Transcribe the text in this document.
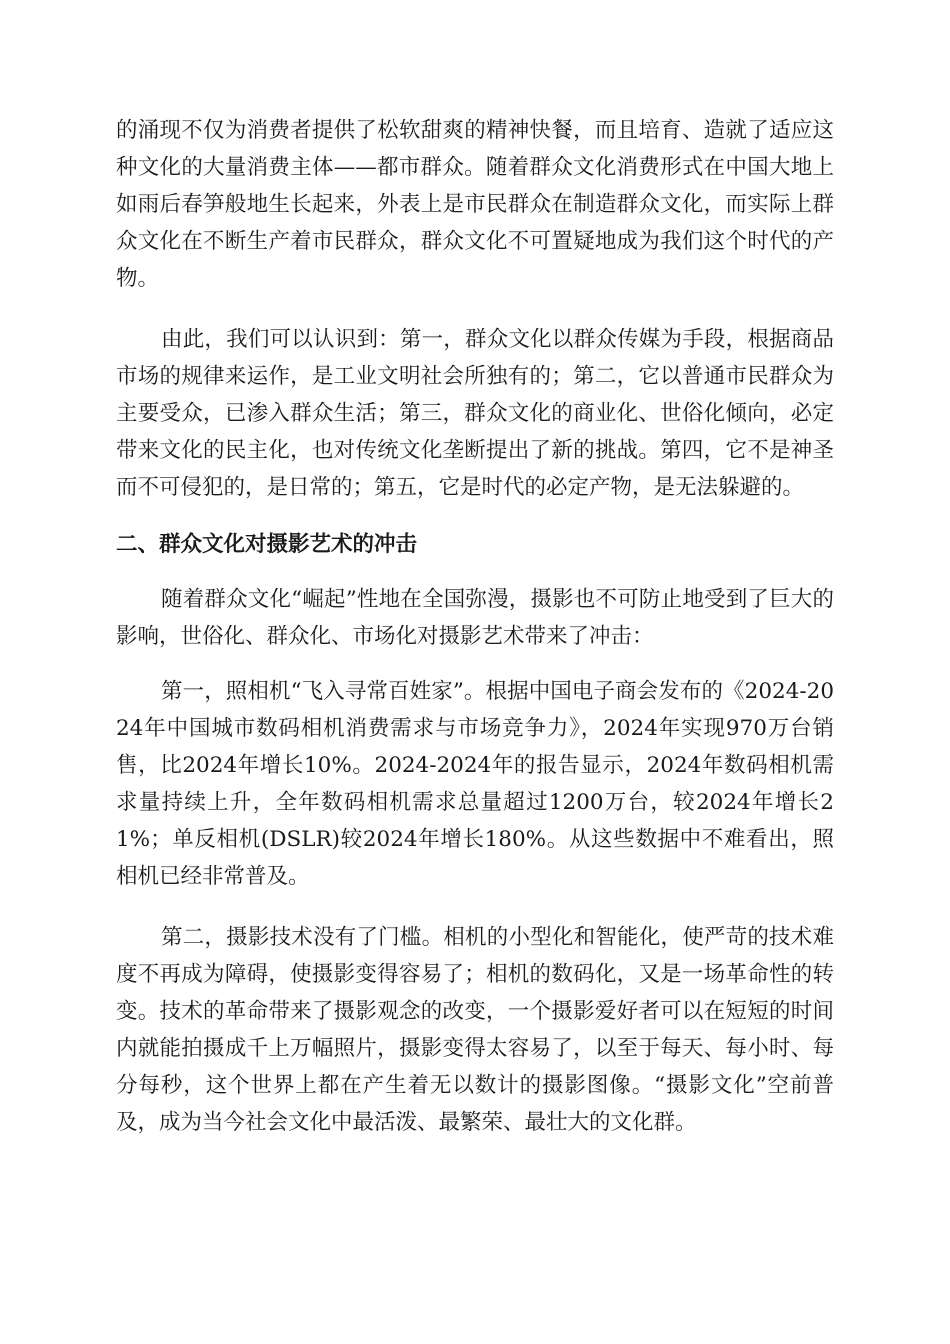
的涌现不仅为消费者提供了松软甜爽的精神快餐，而且培育、造就了适应这种文化的大量消费主体——都市群众。随着群众文化消费形式在中国大地上如雨后春笋般地生长起来，外表上是市民群众在制造群众文化，而实际上群众文化在不断生产着市民群众，群众文化不可置疑地成为我们这个时代的产物。

由此，我们可以认识到：第一，群众文化以群众传媒为手段，根据商品市场的规律来运作，是工业文明社会所独有的；第二，它以普通市民群众为主要受众，已渗入群众生活；第三，群众文化的商业化、世俗化倾向，必定带来文化的民主化，也对传统文化垄断提出了新的挑战。第四，它不是神圣而不可侵犯的，是日常的；第五，它是时代的必定产物，是无法躲避的。

二、群众文化对摄影艺术的冲击

随着群众文化“崛起”性地在全国弥漫，摄影也不可防止地受到了巨大的影响，世俗化、群众化、市场化对摄影艺术带来了冲击：

第一，照相机“飞入寻常百姓家”。根据中国电子商会发布的《2024-2024年中国城市数码相机消费需求与市场竞争力》，2024年实现970万台销售，比2024年增长10%。2024-2024年的报告显示，2024年数码相机需求量持续上升，全年数码相机需求总量超过1200万台，较2024年增长21%；单反相机(DSLR)较2024年增长180%。从这些数据中不难看出，照相机已经非常普及。

第二，摄影技术没有了门槛。相机的小型化和智能化，使严苛的技术难度不再成为障碍，使摄影变得容易了；相机的数码化，又是一场革命性的转变。技术的革命带来了摄影观念的改变，一个摄影爱好者可以在短短的时间内就能拍摄成千上万幅照片，摄影变得太容易了，以至于每天、每小时、每分每秒，这个世界上都在产生着无以数计的摄影图像。“摄影文化”空前普及，成为当今社会文化中最活泼、最繁荣、最壮大的文化群。
